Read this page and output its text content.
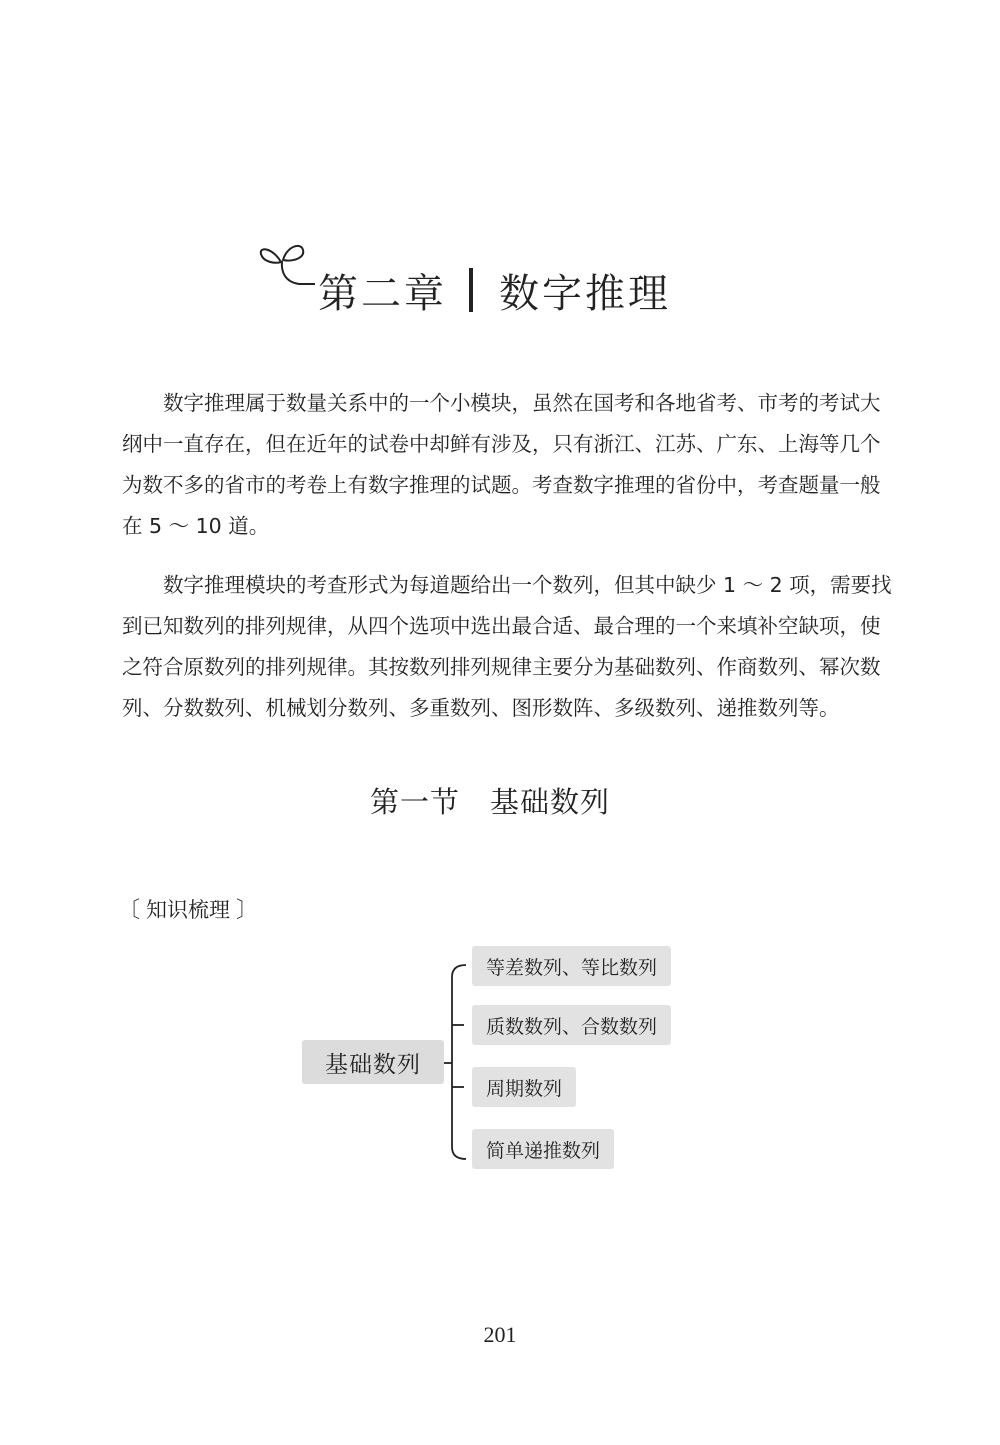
第二章 数字推理
数字推理属于数量关系中的一个小模块，虽然在国考和各地省考、市考的考试大
纲中一直存在，但在近年的试卷中却鲜有涉及，只有浙江、江苏、广东、上海等几个
为数不多的省市的考卷上有数字推理的试题。考查数字推理的省份中，考查题量一般
在 5 ～ 10 道。
数字推理模块的考查形式为每道题给出一个数列，但其中缺少 1 ～ 2 项，需要找
到已知数列的排列规律，从四个选项中选出最合适、最合理的一个来填补空缺项，使
之符合原数列的排列规律。其按数列排列规律主要分为基础数列、作商数列、幂次数
列、分数数列、机械划分数列、多重数列、图形数阵、多级数列、递推数列等。
第一节　基础数列
〔 知识梳理 〕
基础数列
等差数列、等比数列
质数数列、合数数列
周期数列
简单递推数列
201
